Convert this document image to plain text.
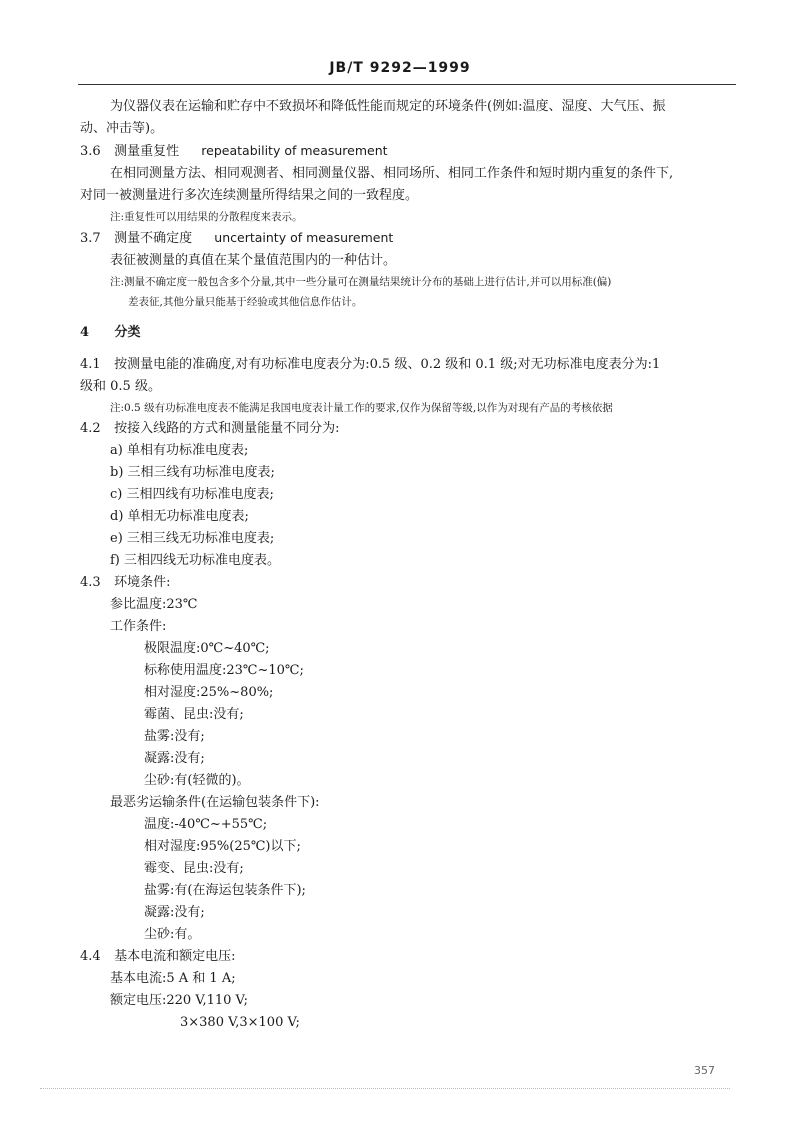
JB/T 9292—1999
为仪器仪表在运输和贮存中不致损坏和降低性能而规定的环境条件(例如:温度、湿度、大气压、振
动、冲击等)。
3.6 测量重复性 repeatability of measurement
在相同测量方法、相同观测者、相同测量仪器、相同场所、相同工作条件和短时期内重复的条件下,
对同一被测量进行多次连续测量所得结果之间的一致程度。
注:重复性可以用结果的分散程度来表示。
3.7 测量不确定度 uncertainty of measurement
表征被测量的真值在某个量值范围内的一种估计。
注:测量不确定度一般包含多个分量,其中一些分量可在测量结果统计分布的基础上进行估计,并可以用标准(偏)
差表征,其他分量只能基于经验或其他信息作估计。
4 分类
4.1 按测量电能的准确度,对有功标准电度表分为:0.5 级、0.2 级和 0.1 级;对无功标准电度表分为:1
级和 0.5 级。
注:0.5 级有功标准电度表不能满足我国电度表计量工作的要求,仅作为保留等级,以作为对现有产品的考核依据
4.2 按接入线路的方式和测量能量不同分为:
a) 单相有功标准电度表;
b) 三相三线有功标准电度表;
c) 三相四线有功标准电度表;
d) 单相无功标准电度表;
e) 三相三线无功标准电度表;
f) 三相四线无功标准电度表。
4.3 环境条件:
参比温度:23℃
工作条件:
极限温度:0℃~40℃;
标称使用温度:23℃~10℃;
相对湿度:25%~80%;
霉菌、昆虫:没有;
盐雾:没有;
凝露:没有;
尘砂:有(轻微的)。
最恶劣运输条件(在运输包装条件下):
温度:-40℃~+55℃;
相对湿度:95%(25℃)以下;
霉变、昆虫:没有;
盐雾:有(在海运包装条件下);
凝露:没有;
尘砂:有。
4.4 基本电流和额定电压:
基本电流:5 A 和 1 A;
额定电压:220 V,110 V;
3×380 V,3×100 V;
357
